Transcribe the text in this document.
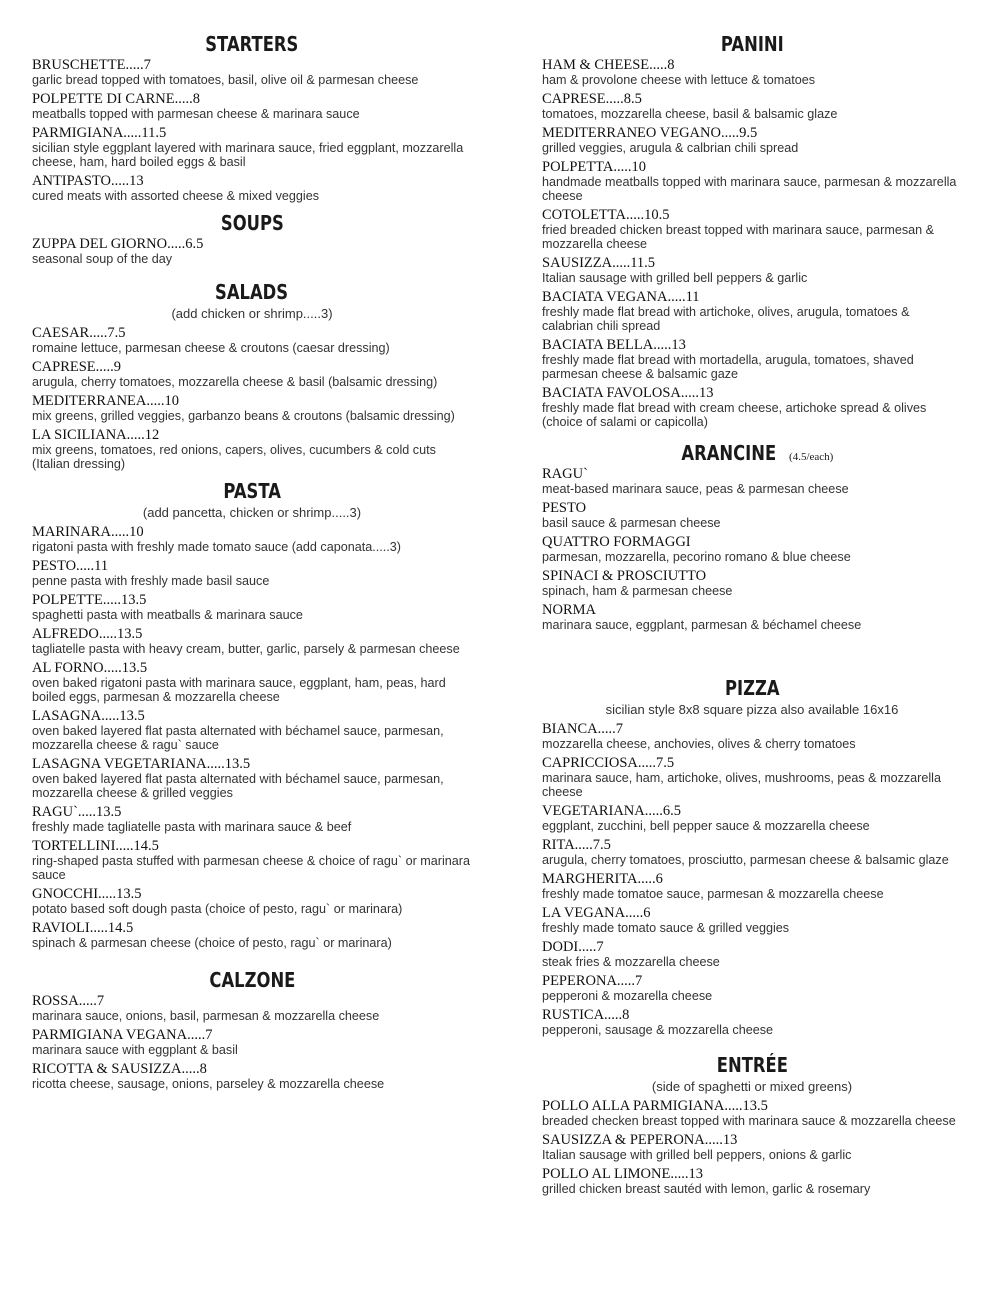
STARTERS
BRUSCHETTE.....7
garlic bread topped with tomatoes, basil, olive oil & parmesan cheese
POLPETTE DI CARNE.....8
meatballs topped with parmesan cheese & marinara sauce
PARMIGIANA.....11.5
sicilian style eggplant layered with marinara sauce, fried eggplant, mozzarella cheese, ham, hard boiled eggs & basil
ANTIPASTO.....13
cured meats with assorted cheese & mixed veggies
SOUPS
ZUPPA DEL GIORNO.....6.5
seasonal soup of the day
SALADS

(add chicken or shrimp.....3)

CAESAR.....7.5
romaine lettuce, parmesan cheese & croutons (caesar dressing)
CAPRESE.....9
arugula, cherry tomatoes, mozzarella cheese & basil (balsamic dressing)
MEDITERRANEA.....10
mix greens, grilled veggies, garbanzo beans & croutons (balsamic dressing)
LA SICILIANA.....12
mix greens, tomatoes, red onions, capers, olives, cucumbers & cold cuts (Italian dressing)
PASTA

(add pancetta, chicken or shrimp.....3)

MARINARA.....10
rigatoni pasta with freshly made tomato sauce (add caponata.....3)
PESTO.....11
penne pasta with freshly made basil sauce
POLPETTE.....13.5
spaghetti pasta with meatballs & marinara sauce
ALFREDO.....13.5
tagliatelle pasta with heavy cream, butter, garlic, parsely & parmesan cheese
AL FORNO.....13.5
oven baked rigatoni pasta with marinara sauce, eggplant, ham, peas, hard boiled eggs, parmesan & mozzarella cheese
LASAGNA.....13.5
oven baked layered flat pasta alternated with béchamel sauce, parmesan, mozzarella cheese & ragu` sauce
LASAGNA VEGETARIANA.....13.5
oven baked layered flat pasta alternated with béchamel sauce, parmesan, mozzarella cheese & grilled veggies
RAGU`.....13.5
freshly made tagliatelle pasta with marinara sauce & beef
TORTELLINI.....14.5
ring-shaped pasta stuffed with parmesan cheese & choice of ragu` or marinara sauce
GNOCCHI.....13.5
potato based soft dough pasta (choice of pesto, ragu` or marinara)
RAVIOLI.....14.5
spinach & parmesan cheese (choice of pesto, ragu` or marinara)
CALZONE
ROSSA.....7
marinara sauce, onions, basil, parmesan & mozzarella cheese
PARMIGIANA VEGANA.....7
marinara sauce with eggplant & basil
RICOTTA & SAUSIZZA.....8
ricotta cheese, sausage, onions, parseley & mozzarella cheese
PANINI
HAM & CHEESE.....8
ham & provolone cheese with lettuce & tomatoes
CAPRESE.....8.5
tomatoes, mozzarella cheese, basil & balsamic glaze
MEDITERRANEO VEGANO.....9.5
grilled veggies, arugula & calbrian chili spread
POLPETTA.....10
handmade meatballs topped with marinara sauce, parmesan & mozzarella cheese
COTOLETTA.....10.5
fried breaded chicken breast topped with marinara sauce, parmesan & mozzarella cheese
SAUSIZZA.....11.5
Italian sausage with grilled bell peppers & garlic
BACIATA VEGANA.....11
freshly made flat bread with artichoke, olives, arugula, tomatoes & calabrian chili spread
BACIATA BELLA.....13
freshly made flat bread with mortadella, arugula, tomatoes, shaved parmesan cheese & balsamic gaze
BACIATA FAVOLOSA.....13
freshly made flat bread with cream cheese, artichoke spread & olives (choice of salami or capicolla)
ARANCINE (4.5/each)
RAGU`
meat-based marinara sauce, peas & parmesan cheese
PESTO
basil sauce & parmesan cheese
QUATTRO FORMAGGI
parmesan, mozzarella, pecorino romano & blue cheese
SPINACI & PROSCIUTTO
spinach, ham & parmesan cheese
NORMA
marinara sauce, eggplant, parmesan & béchamel cheese
PIZZA

sicilian style 8x8 square pizza also available 16x16

BIANCA.....7
mozzarella cheese, anchovies, olives & cherry tomatoes
CAPRICCIOSA.....7.5
marinara sauce, ham, artichoke, olives, mushrooms, peas & mozzarella cheese
VEGETARIANA.....6.5
eggplant, zucchini, bell pepper sauce & mozzarella cheese
RITA.....7.5
arugula, cherry tomatoes, prosciutto, parmesan cheese & balsamic glaze
MARGHERITA.....6
freshly made tomatoe sauce, parmesan & mozzarella cheese
LA VEGANA.....6
freshly made tomato sauce & grilled veggies
DODI.....7
steak fries & mozzarella cheese
PEPERONA.....7
pepperoni & mozarella cheese
RUSTICA.....8
pepperoni, sausage & mozzarella cheese
ENTRÉE

(side of spaghetti or mixed greens)

POLLO ALLA PARMIGIANA.....13.5
breaded checken breast topped with marinara sauce & mozzarella cheese
SAUSIZZA & PEPERONA.....13
Italian sausage with grilled bell peppers, onions & garlic
POLLO AL LIMONE.....13
grilled chicken breast sautéd with lemon, garlic & rosemary
